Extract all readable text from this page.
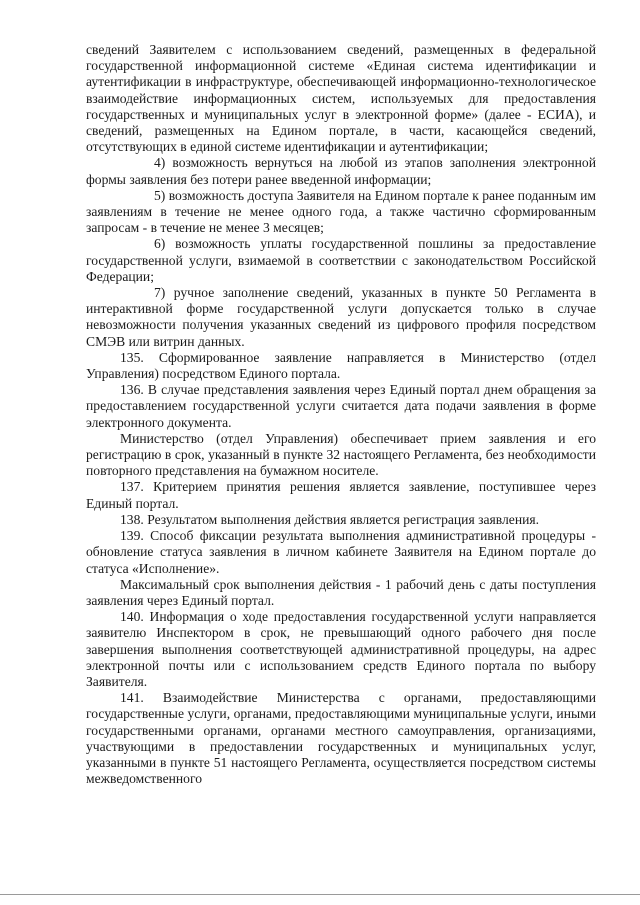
сведений Заявителем с использованием сведений, размещенных в федеральной государственной информационной системе «Единая система идентификации и аутентификации в инфраструктуре, обеспечивающей информационно-технологическое взаимодействие информационных систем, используемых для предоставления государственных и муниципальных услуг в электронной форме» (далее - ЕСИА), и сведений, размещенных на Едином портале, в части, касающейся сведений, отсутствующих в единой системе идентификации и аутентификации;

4) возможность вернуться на любой из этапов заполнения электронной формы заявления без потери ранее введенной информации;

5) возможность доступа Заявителя на Едином портале к ранее поданным им заявлениям в течение не менее одного года, а также частично сформированным запросам - в течение не менее 3 месяцев;

6) возможность уплаты государственной пошлины за предоставление государственной услуги, взимаемой в соответствии с законодательством Российской Федерации;

7) ручное заполнение сведений, указанных в пункте 50 Регламента в интерактивной форме государственной услуги допускается только в случае невозможности получения указанных сведений из цифрового профиля посредством СМЭВ или витрин данных.

135. Сформированное заявление направляется в Министерство (отдел Управления) посредством Единого портала.

136. В случае представления заявления через Единый портал днем обращения за предоставлением государственной услуги считается дата подачи заявления в форме электронного документа.

Министерство (отдел Управления) обеспечивает прием заявления и его регистрацию в срок, указанный в пункте 32 настоящего Регламента, без необходимости повторного представления на бумажном носителе.

137. Критерием принятия решения является заявление, поступившее через Единый портал.

138. Результатом выполнения действия является регистрация заявления.

139. Способ фиксации результата выполнения административной процедуры - обновление статуса заявления в личном кабинете Заявителя на Едином портале до статуса «Исполнение».

Максимальный срок выполнения действия - 1 рабочий день с даты поступления заявления через Единый портал.

140. Информация о ходе предоставления государственной услуги направляется заявителю Инспектором в срок, не превышающий одного рабочего дня после завершения выполнения соответствующей административной процедуры, на адрес электронной почты или с использованием средств Единого портала по выбору Заявителя.

141. Взаимодействие Министерства с органами, предоставляющими государственные услуги, органами, предоставляющими муниципальные услуги, иными государственными органами, органами местного самоуправления, организациями, участвующими в предоставлении государственных и муниципальных услуг, указанными в пункте 51 настоящего Регламента, осуществляется посредством системы межведомственного
